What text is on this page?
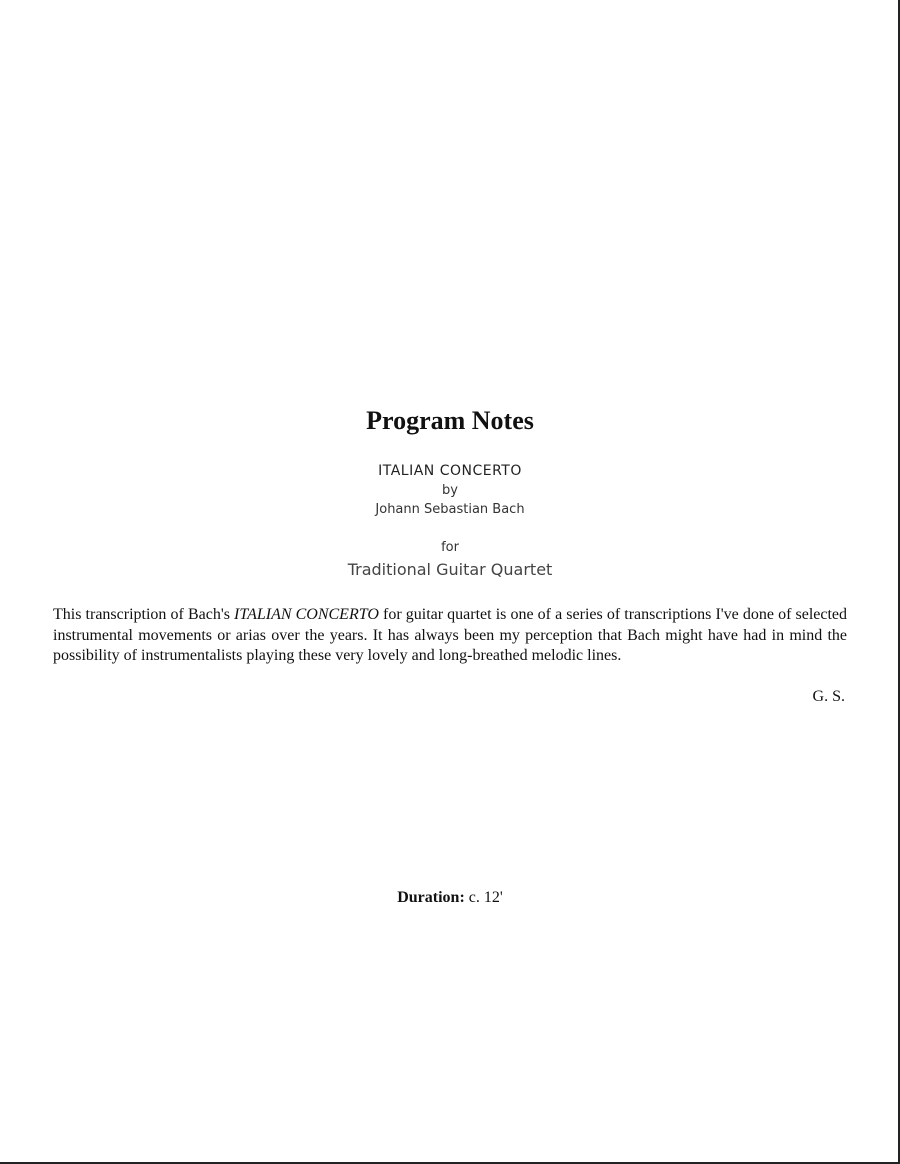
Program Notes
ITALIAN CONCERTO
by
Johann Sebastian Bach
for
Traditional Guitar Quartet

This transcription of Bach's ITALIAN CONCERTO for guitar quartet is one of a series of transcriptions I've done of selected instrumental movements or arias over the years. It has always been my perception that Bach might have had in mind the possibility of instrumentalists playing these very lovely and long-breathed melodic lines.

G. S.

Duration: c. 12'
